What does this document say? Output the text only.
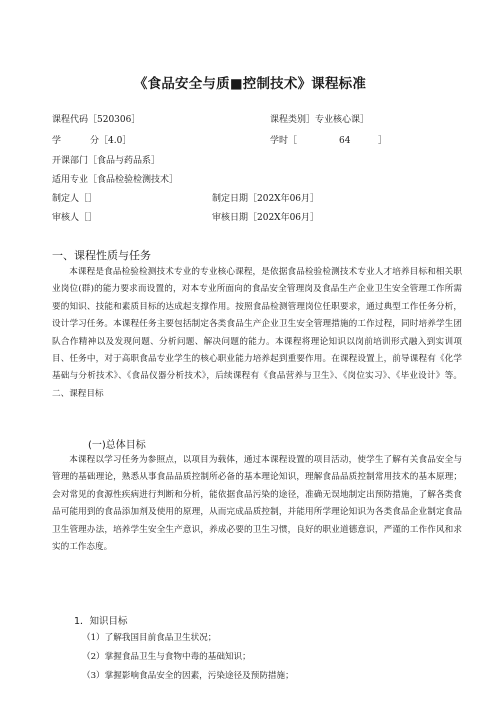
《食品安全与质■控制技术》课程标准
课程代码［520306］	课程类别］专业核心课］
学	分［4.0］	学时［	64	］
开课部门［食品与药品系］
适用专业［食品检验检测技术］
制定人［］	制定日期［202X年06月］
审核人［］	审核日期［202X年06月］
一、课程性质与任务

本课程是食品检验检测技术专业的专业核心课程，是依据食品检验检测技术专业人才培养目标和相关职业岗位(群)的能力要求而设置的，对本专业所面向的食品安全管理岗及食品生产企业卫生安全管理工作所需要的知识、技能和素质目标的达成起支撑作用。按照食品检测管理岗位任职要求，通过典型工作任务分析，设计学习任务。本课程任务主要包括制定各类食品生产企业卫生安全管理措施的工作过程，同时培养学生团队合作精神以及发现问题、分析问题、解决问题的能力。本课程将理论知识以岗前培训形式融入到实训项目、任务中，对于高职食品专业学生的核心职业能力培养起到重要作用。在课程设置上，前导课程有《化学基础与分析技术》、《食品仪器分析技术》，后续课程有《食品营养与卫生》、《岗位实习》、《毕业设计》等。二、课程目标

(一)总体目标

本课程以学习任务为参照点，以项目为载体，通过本课程设置的项目活动，使学生了解有关食品安全与管理的基础理论，熟悉从事食品品质控制所必备的基本理论知识，理解食品品质控制常用技术的基本原理；会对常见的食源性疾病进行判断和分析，能依据食品污染的途径，准确无误地制定出预防措施，了解各类食品可能用到的食品添加剂及使用的原理，从而完成品质控制，并能用所学理论知识为各类食品企业制定食品卫生管理办法，培养学生安全生产意识，养成必要的卫生习惯，良好的职业道德意识，严谨的工作作风和求实的工作态度。

1．知识目标
（1）了解我国目前食品卫生状况；
（2）掌握食品卫生与食物中毒的基础知识；
（3）掌握影响食品安全的因素，污染途径及预防措施；
